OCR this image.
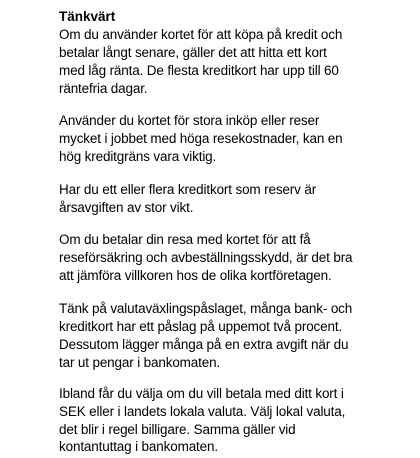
Tänkvärt

Om du använder kortet för att köpa på kredit och

betalar långt senare, gäller det att hitta ett kort

med låg ränta. De flesta kreditkort har upp till 60

räntefria dagar.

Använder du kortet för stora inköp eller reser

mycket i jobbet med höga resekostnader, kan en

hög kreditgräns vara viktig.

Har du ett eller flera kreditkort som reserv är

årsavgiften av stor vikt.

Om du betalar din resa med kortet för att få

reseförsäkring och avbeställningsskydd, är det bra

att jämföra villkoren hos de olika kortföretagen.

Tänk på valutaväxlingspåslaget, många bank- och

kreditkort har ett påslag på uppemot två procent.

Dessutom lägger många på en extra avgift när du

tar ut pengar i bankomaten.

Ibland får du välja om du vill betala med ditt kort i

SEK eller i landets lokala valuta. Välj lokal valuta,

det blir i regel billigare. Samma gäller vid

kontantuttag i bankomaten.
